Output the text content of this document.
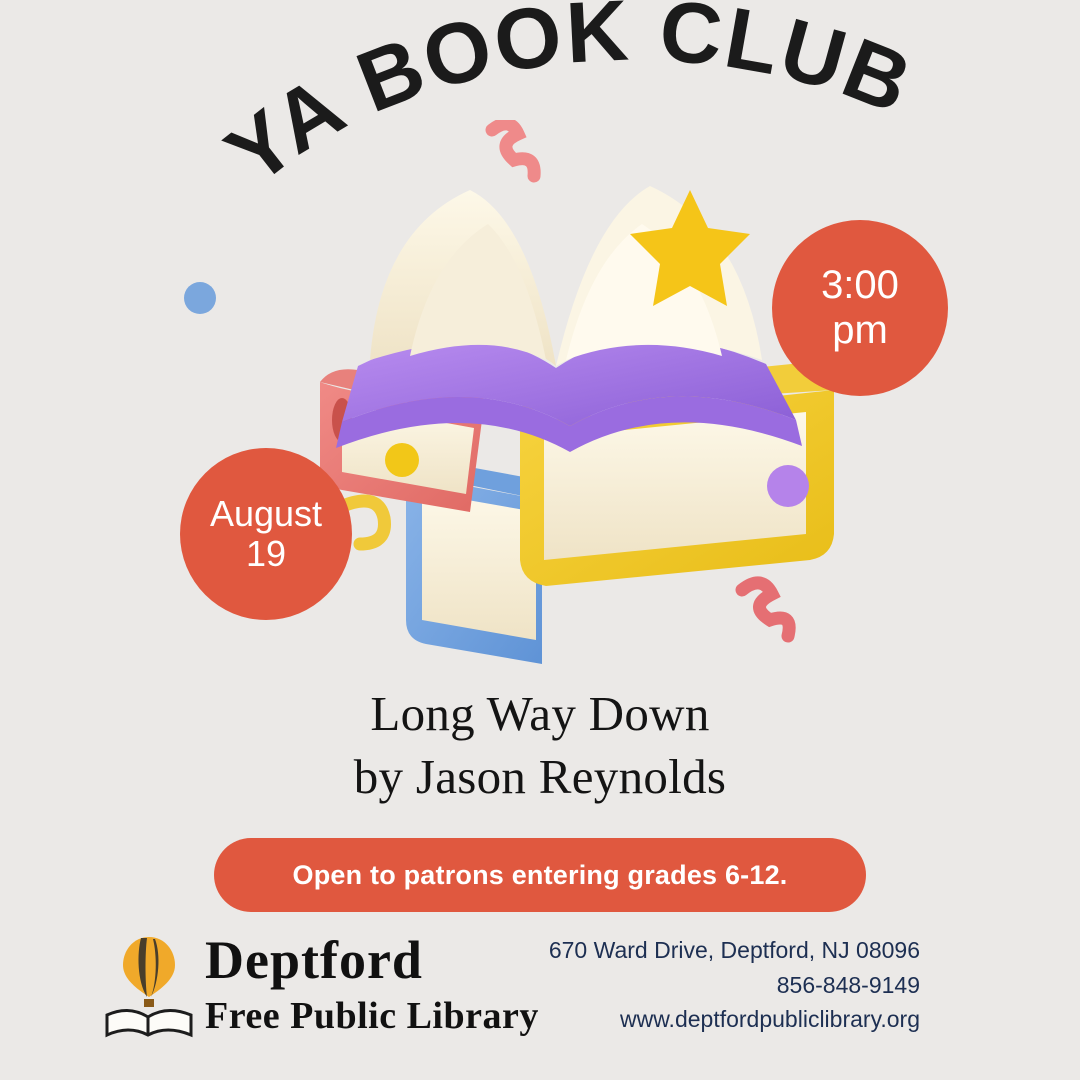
YA BOOK CLUB
3:00
pm
August
19
Long Way Down
by Jason Reynolds
Open to patrons entering grades 6-12.
Deptford
Free Public Library
670 Ward Drive, Deptford, NJ 08096
856-848-9149
www.deptfordpubliclibrary.org
